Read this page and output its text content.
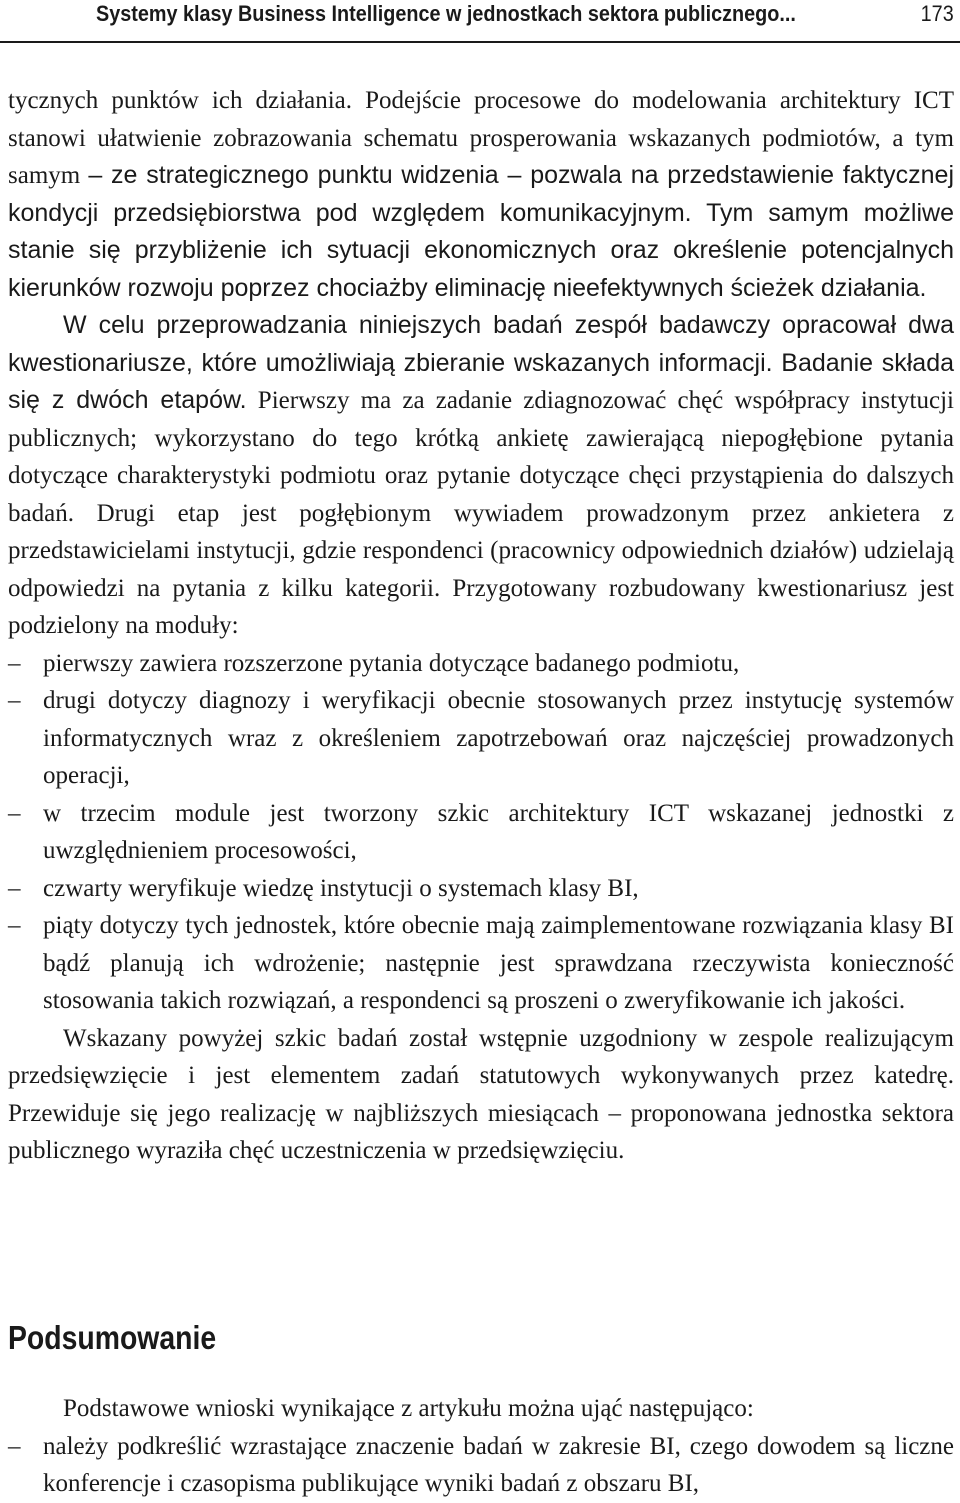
Systemy klasy Business Intelligence w jednostkach sektora publicznego...	173

tycznych punktów ich działania. Podejście procesowe do modelowania architektury ICT stanowi ułatwienie zobrazowania schematu prosperowania wskazanych podmiotów, a tym samym – ze strategicznego punktu widzenia – pozwala na przedstawienie faktycznej kondycji przedsiębiorstwa pod względem komunikacyjnym. Tym samym możliwe stanie się przybliżenie ich sytuacji ekonomicznych oraz określenie potencjalnych kierunków rozwoju poprzez chociażby eliminację nieefektywnych ścieżek działania.

W celu przeprowadzania niniejszych badań zespół badawczy opracował dwa kwestionariusze, które umożliwiają zbieranie wskazanych informacji. Badanie składa się z dwóch etapów. Pierwszy ma za zadanie zdiagnozować chęć współpracy instytucji publicznych; wykorzystano do tego krótką ankietę zawierającą niepogłębione pytania dotyczące charakterystyki podmiotu oraz pytanie dotyczące chęci przystąpienia do dalszych badań. Drugi etap jest pogłębionym wywiadem prowadzonym przez ankietera z przedstawicielami instytucji, gdzie respondenci (pracownicy odpowiednich działów) udzielają odpowiedzi na pytania z kilku kategorii. Przygotowany rozbudowany kwestionariusz jest podzielony na moduły:

– pierwszy zawiera rozszerzone pytania dotyczące badanego podmiotu,
– drugi dotyczy diagnozy i weryfikacji obecnie stosowanych przez instytucję systemów informatycznych wraz z określeniem zapotrzebowań oraz najczęściej prowadzonych operacji,
– w trzecim module jest tworzony szkic architektury ICT wskazanej jednostki z uwzględnieniem procesowości,
– czwarty weryfikuje wiedzę instytucji o systemach klasy BI,
– piąty dotyczy tych jednostek, które obecnie mają zaimplementowane rozwiązania klasy BI bądź planują ich wdrożenie; następnie jest sprawdzana rzeczywista konieczność stosowania takich rozwiązań, a respondenci są proszeni o zweryfikowanie ich jakości.

Wskazany powyżej szkic badań został wstępnie uzgodniony w zespole realizującym przedsięwzięcie i jest elementem zadań statutowych wykonywanych przez katedrę. Przewiduje się jego realizację w najbliższych miesiącach – proponowana jednostka sektora publicznego wyraziła chęć uczestniczenia w przedsięwzięciu.

Podsumowanie

Podstawowe wnioski wynikające z artykułu można ująć następująco:

– należy podkreślić wzrastające znaczenie badań w zakresie BI, czego dowodem są liczne konferencje i czasopisma publikujące wyniki badań z obszaru BI,
